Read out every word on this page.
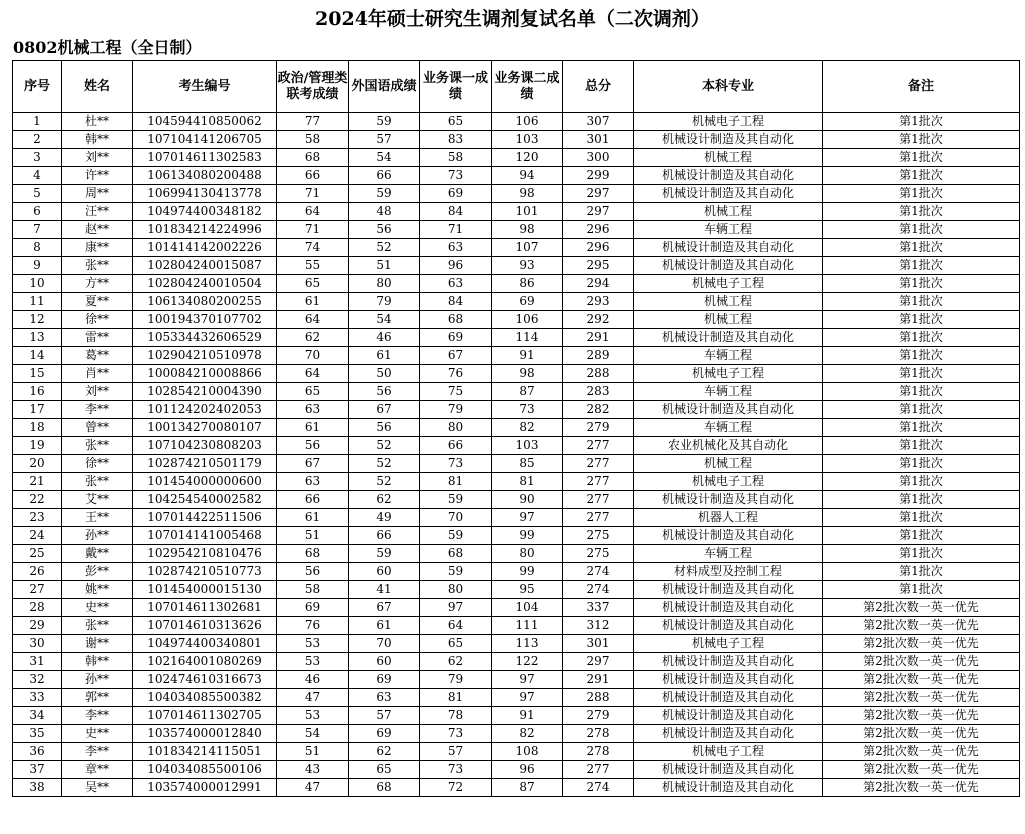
2024年硕士研究生调剂复试名单（二次调剂）
0802机械工程（全日制）
序号	姓名	考生编号	政治/管理类联考成绩	外国语成绩	业务课一成绩	业务课二成绩	总分	本科专业	备注
1	杜**	104594410850062	77	59	65	106	307	机械电子工程	第1批次
2	韩**	107104141206705	58	57	83	103	301	机械设计制造及其自动化	第1批次
3	刘**	107014611302583	68	54	58	120	300	机械工程	第1批次
4	许**	106134080200488	66	66	73	94	299	机械设计制造及其自动化	第1批次
5	周**	106994130413778	71	59	69	98	297	机械设计制造及其自动化	第1批次
6	汪**	104974400348182	64	48	84	101	297	机械工程	第1批次
7	赵**	101834214224996	71	56	71	98	296	车辆工程	第1批次
8	康**	101414142002226	74	52	63	107	296	机械设计制造及其自动化	第1批次
9	张**	102804240015087	55	51	96	93	295	机械设计制造及其自动化	第1批次
10	方**	102804240010504	65	80	63	86	294	机械电子工程	第1批次
11	夏**	106134080200255	61	79	84	69	293	机械工程	第1批次
12	徐**	100194370107702	64	54	68	106	292	机械工程	第1批次
13	雷**	105334432606529	62	46	69	114	291	机械设计制造及其自动化	第1批次
14	葛**	102904210510978	70	61	67	91	289	车辆工程	第1批次
15	肖**	100084210008866	64	50	76	98	288	机械电子工程	第1批次
16	刘**	102854210004390	65	56	75	87	283	车辆工程	第1批次
17	李**	101124202402053	63	67	79	73	282	机械设计制造及其自动化	第1批次
18	曾**	100134270080107	61	56	80	82	279	车辆工程	第1批次
19	张**	107104230808203	56	52	66	103	277	农业机械化及其自动化	第1批次
20	徐**	102874210501179	67	52	73	85	277	机械工程	第1批次
21	张**	101454000000600	63	52	81	81	277	机械电子工程	第1批次
22	艾**	104254540002582	66	62	59	90	277	机械设计制造及其自动化	第1批次
23	王**	107014422511506	61	49	70	97	277	机器人工程	第1批次
24	孙**	107014141005468	51	66	59	99	275	机械设计制造及其自动化	第1批次
25	戴**	102954210810476	68	59	68	80	275	车辆工程	第1批次
26	彭**	102874210510773	56	60	59	99	274	材料成型及控制工程	第1批次
27	姚**	101454000015130	58	41	80	95	274	机械设计制造及其自动化	第1批次
28	史**	107014611302681	69	67	97	104	337	机械设计制造及其自动化	第2批次数一英一优先
29	张**	107014610313626	76	61	64	111	312	机械设计制造及其自动化	第2批次数一英一优先
30	谢**	104974400340801	53	70	65	113	301	机械电子工程	第2批次数一英一优先
31	韩**	102164001080269	53	60	62	122	297	机械设计制造及其自动化	第2批次数一英一优先
32	孙**	102474610316673	46	69	79	97	291	机械设计制造及其自动化	第2批次数一英一优先
33	郭**	104034085500382	47	63	81	97	288	机械设计制造及其自动化	第2批次数一英一优先
34	李**	107014611302705	53	57	78	91	279	机械设计制造及其自动化	第2批次数一英一优先
35	史**	103574000012840	54	69	73	82	278	机械设计制造及其自动化	第2批次数一英一优先
36	李**	101834214115051	51	62	57	108	278	机械电子工程	第2批次数一英一优先
37	章**	104034085500106	43	65	73	96	277	机械设计制造及其自动化	第2批次数一英一优先
38	吴**	103574000012991	47	68	72	87	274	机械设计制造及其自动化	第2批次数一英一优先
